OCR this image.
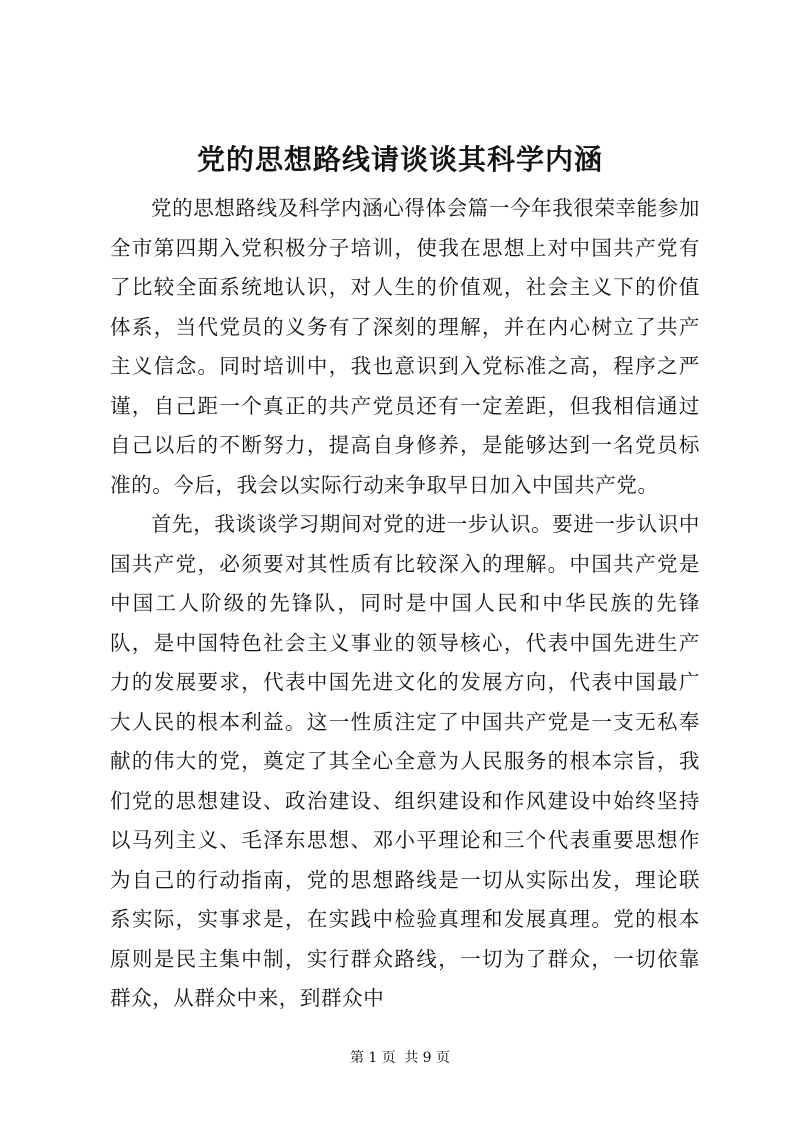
党的思想路线请谈谈其科学内涵

党的思想路线及科学内涵心得体会篇一今年我很荣幸能参加全市第四期入党积极分子培训，使我在思想上对中国共产党有了比较全面系统地认识，对人生的价值观，社会主义下的价值体系，当代党员的义务有了深刻的理解，并在内心树立了共产主义信念。同时培训中，我也意识到入党标准之高，程序之严谨，自己距一个真正的共产党员还有一定差距，但我相信通过自己以后的不断努力，提高自身修养，是能够达到一名党员标准的。今后，我会以实际行动来争取早日加入中国共产党。

首先，我谈谈学习期间对党的进一步认识。要进一步认识中国共产党，必须要对其性质有比较深入的理解。中国共产党是中国工人阶级的先锋队，同时是中国人民和中华民族的先锋队，是中国特色社会主义事业的领导核心，代表中国先进生产力的发展要求，代表中国先进文化的发展方向，代表中国最广大人民的根本利益。这一性质注定了中国共产党是一支无私奉献的伟大的党，奠定了其全心全意为人民服务的根本宗旨，我们党的思想建设、政治建设、组织建设和作风建设中始终坚持以马列主义、毛泽东思想、邓小平理论和三个代表重要思想作为自己的行动指南，党的思想路线是一切从实际出发，理论联系实际，实事求是，在实践中检验真理和发展真理。党的根本原则是民主集中制，实行群众路线，一切为了群众，一切依靠群众，从群众中来，到群众中

第 1 页 共 9 页
